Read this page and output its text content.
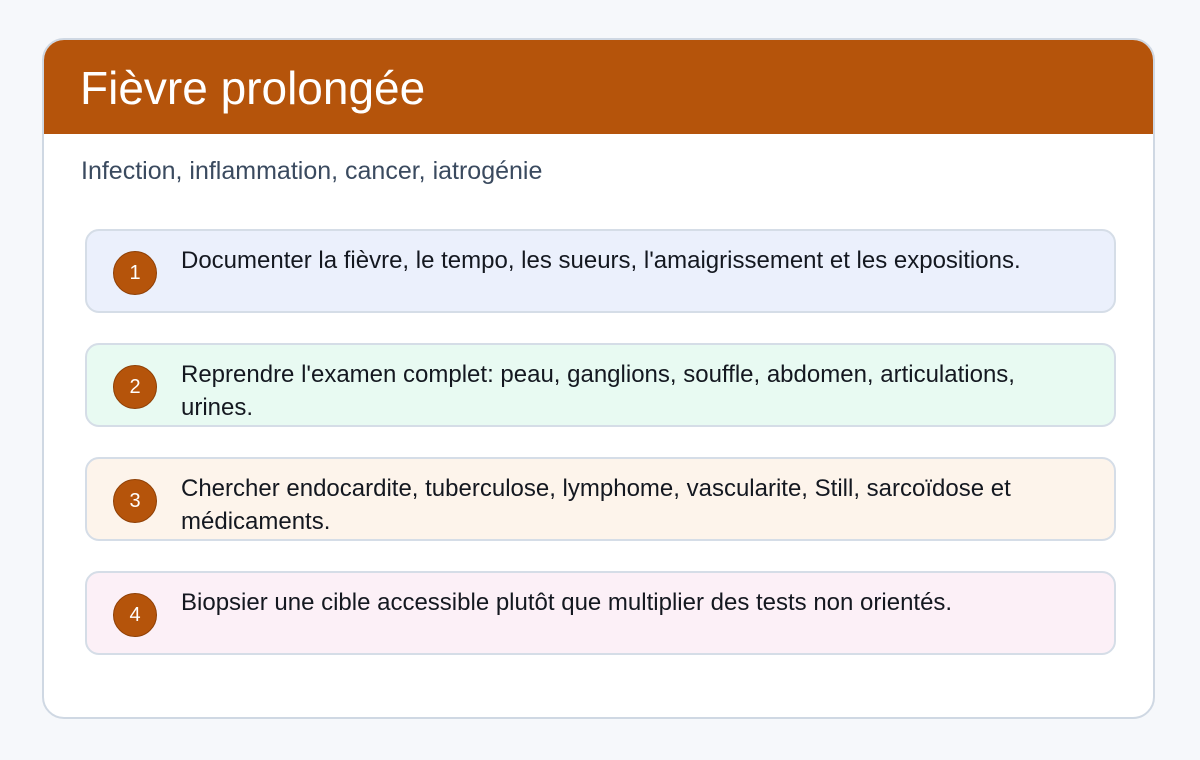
Fièvre prolongée
Infection, inflammation, cancer, iatrogénie
1	Documenter la fièvre, le tempo, les sueurs, l'amaigrissement et les expositions.
2	Reprendre l'examen complet: peau, ganglions, souffle, abdomen, articulations, urines.
3	Chercher endocardite, tuberculose, lymphome, vascularite, Still, sarcoïdose et médicaments.
4	Biopsier une cible accessible plutôt que multiplier des tests non orientés.
